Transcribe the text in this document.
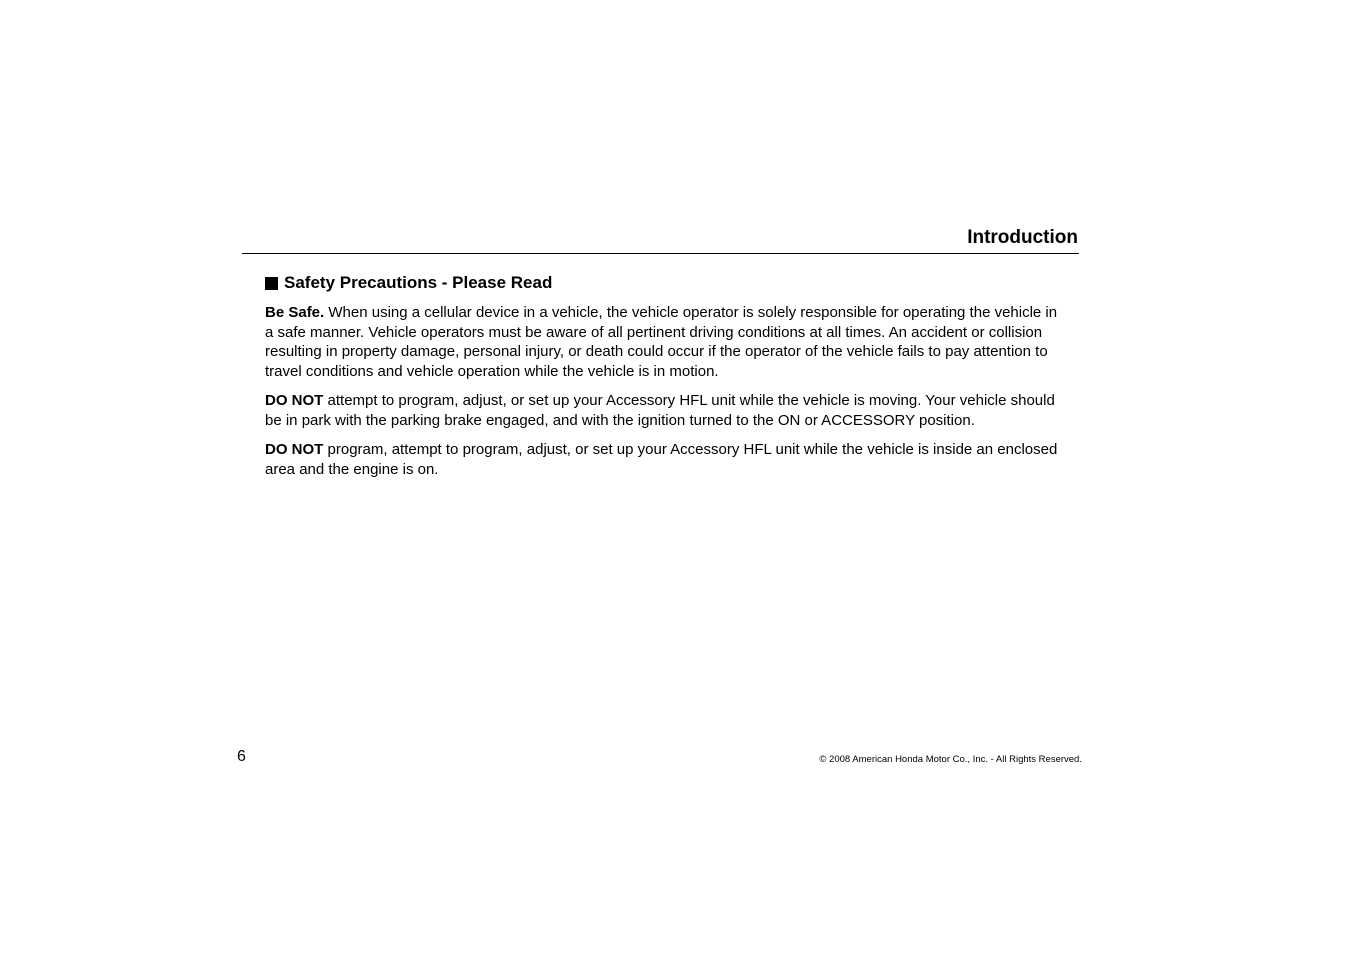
Introduction
Safety Precautions - Please Read

Be Safe. When using a cellular device in a vehicle, the vehicle operator is solely responsible for operating the vehicle in a safe manner. Vehicle operators must be aware of all pertinent driving conditions at all times. An accident or collision resulting in property damage, personal injury, or death could occur if the operator of the vehicle fails to pay attention to travel conditions and vehicle operation while the vehicle is in motion.

DO NOT attempt to program, adjust, or set up your Accessory HFL unit while the vehicle is moving. Your vehicle should be in park with the parking brake engaged, and with the ignition turned to the ON or ACCESSORY position.

DO NOT program, attempt to program, adjust, or set up your Accessory HFL unit while the vehicle is inside an enclosed area and the engine is on.

6	© 2008 American Honda Motor Co., Inc. - All Rights Reserved.
